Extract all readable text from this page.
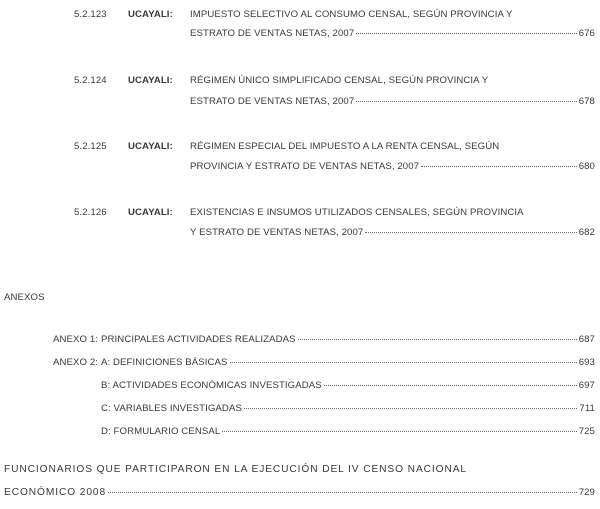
5.2.123 UCAYALI: IMPUESTO SELECTIVO AL CONSUMO CENSAL, SEGÚN PROVINCIA Y
ESTRATO DE VENTAS NETAS, 2007	676
5.2.124 UCAYALI: RÉGIMEN ÚNICO SIMPLIFICADO CENSAL, SEGÚN PROVINCIA Y
ESTRATO DE VENTAS NETAS, 2007	678
5.2.125 UCAYALI: RÉGIMEN ESPECIAL DEL IMPUESTO A LA RENTA CENSAL, SEGÚN
PROVINCIA Y ESTRATO DE VENTAS NETAS, 2007	680
5.2.126 UCAYALI: EXISTENCIAS E INSUMOS UTILIZADOS CENSALES, SEGÚN PROVINCIA
Y ESTRATO DE VENTAS NETAS, 2007	682
ANEXOS
ANEXO 1: PRINCIPALES ACTIVIDADES REALIZADAS	687
ANEXO 2: A: DEFINICIONES BÁSICAS	693
B: ACTIVIDADES ECONÓMICAS INVESTIGADAS	697
C: VARIABLES INVESTIGADAS	711
D: FORMULARIO CENSAL	725
FUNCIONARIOS QUE PARTICIPARON EN LA EJECUCIÓN DEL IV CENSO NACIONAL
ECONÓMICO 2008	729
